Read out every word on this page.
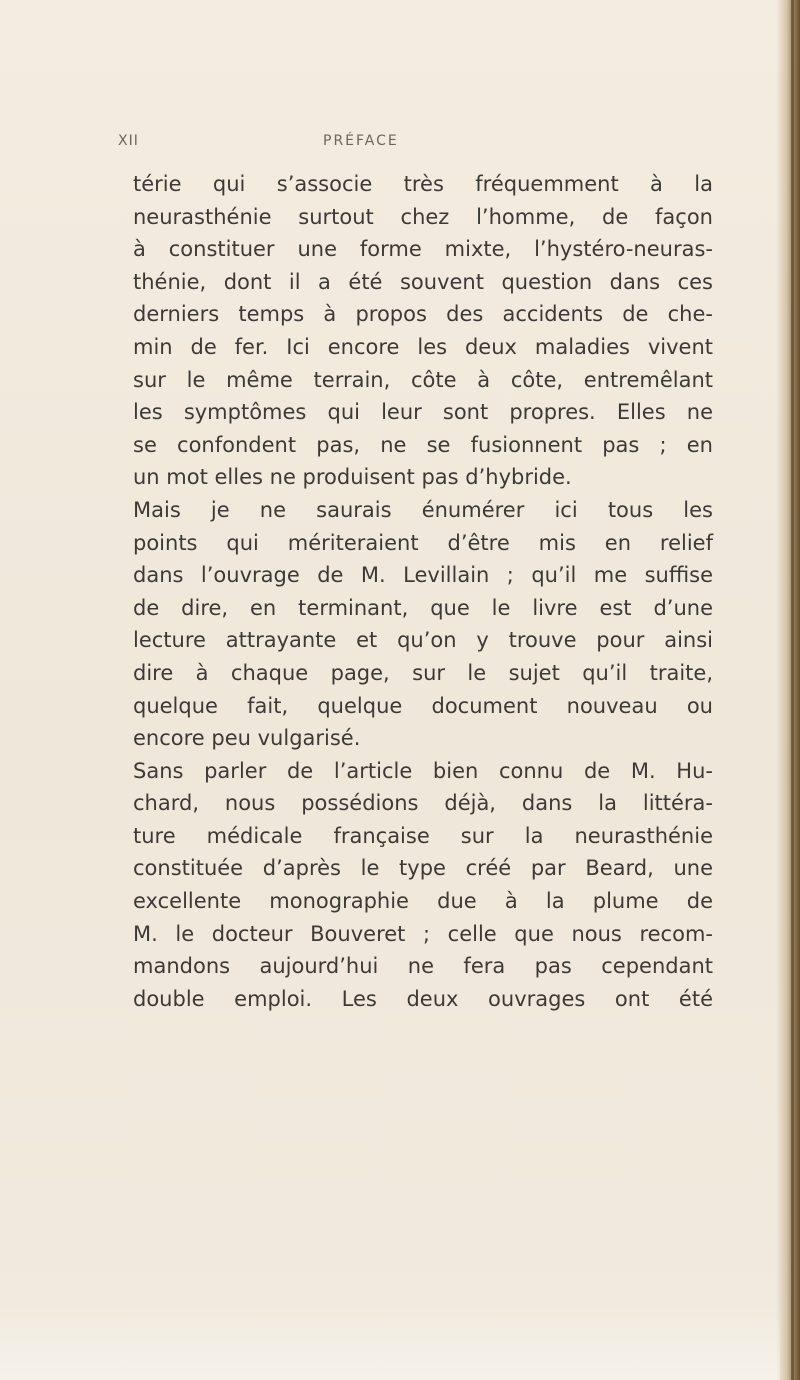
XII	PRÉFACE
térie qui s’associe très fréquemment à la
neurasthénie surtout chez l’homme, de façon
à constituer une forme mixte, l’hystéro-neuras-
thénie, dont il a été souvent question dans ces
derniers temps à propos des accidents de che-
min de fer. Ici encore les deux maladies vivent
sur le même terrain, côte à côte, entremêlant
les symptômes qui leur sont propres. Elles ne
se confondent pas, ne se fusionnent pas ; en
un mot elles ne produisent pas d’hybride.
Mais je ne saurais énumérer ici tous les
points qui mériteraient d’être mis en relief
dans l’ouvrage de M. Levillain ; qu’il me suffise
de dire, en terminant, que le livre est d’une
lecture attrayante et qu’on y trouve pour ainsi
dire à chaque page, sur le sujet qu’il traite,
quelque fait, quelque document nouveau ou
encore peu vulgarisé.
Sans parler de l’article bien connu de M. Hu-
chard, nous possédions déjà, dans la littéra-
ture médicale française sur la neurasthénie
constituée d’après le type créé par Beard, une
excellente monographie due à la plume de
M. le docteur Bouveret ; celle que nous recom-
mandons aujourd’hui ne fera pas cependant
double emploi. Les deux ouvrages ont été
